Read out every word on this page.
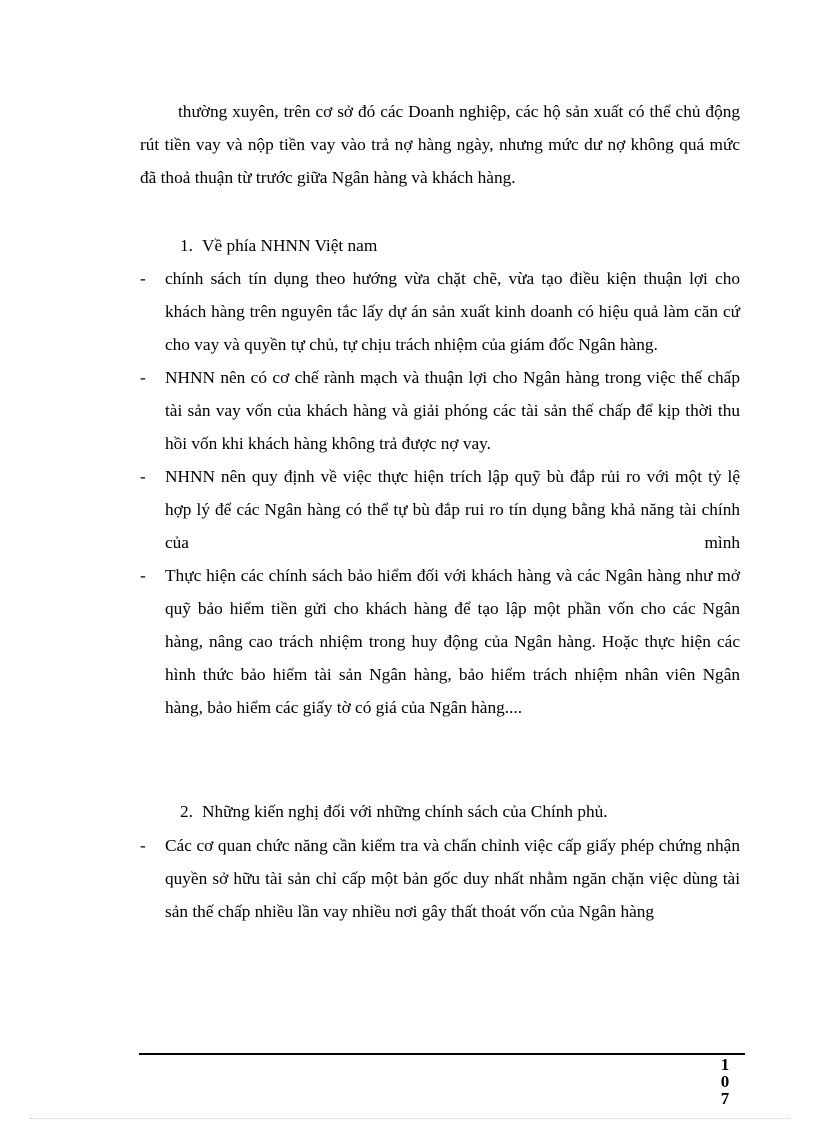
thường xuyên, trên cơ sở đó các Doanh nghiệp, các hộ sản xuất có thể chủ động rút tiền vay và nộp tiền vay vào trả nợ hàng ngày, nhưng mức dư nợ không quá mức đã thoả thuận từ trước giữa Ngân hàng và khách hàng.

1. Về phía NHNN Việt nam
- chính sách tín dụng theo hướng vừa chặt chẽ, vừa tạo điều kiện thuận lợi cho khách hàng trên nguyên tắc lấy dự án sản xuất kinh doanh có hiệu quả làm căn cứ cho vay và quyền tự chủ, tự chịu trách nhiệm của giám đốc Ngân hàng.
- NHNN nên có cơ chế rành mạch và thuận lợi cho Ngân hàng trong việc thế chấp tài sản vay vốn của khách hàng và giải phóng các tài sản thế chấp để kịp thời thu hồi vốn khi khách hàng không trả được nợ vay.
- NHNN nên quy định về việc thực hiện trích lập quỹ bù đắp rủi ro với một tỷ lệ hợp lý để các Ngân hàng có thể tự bù đắp rui ro tín dụng bằng khả năng tài chính của mình
- Thực hiện các chính sách bảo hiểm đối với khách hàng và các Ngân hàng như mở quỹ bảo hiểm tiền gửi cho khách hàng để tạo lập một phần vốn cho các Ngân hàng, nâng cao trách nhiệm trong huy động của Ngân hàng. Hoặc thực hiện các hình thức bảo hiểm tài sản Ngân hàng, bảo hiểm trách nhiệm nhân viên Ngân hàng, bảo hiểm các giấy tờ có giá của Ngân hàng....
2. Những kiến nghị đối với những chính sách của Chính phủ.
- Các cơ quan chức năng cần kiểm tra và chấn chỉnh việc cấp giấy phép chứng nhận quyền sở hữu tài sản chỉ cấp một bản gốc duy nhất nhằm ngăn chặn việc dùng tài sản thế chấp nhiều lần vay nhiều nơi gây thất thoát vốn của Ngân hàng
107
